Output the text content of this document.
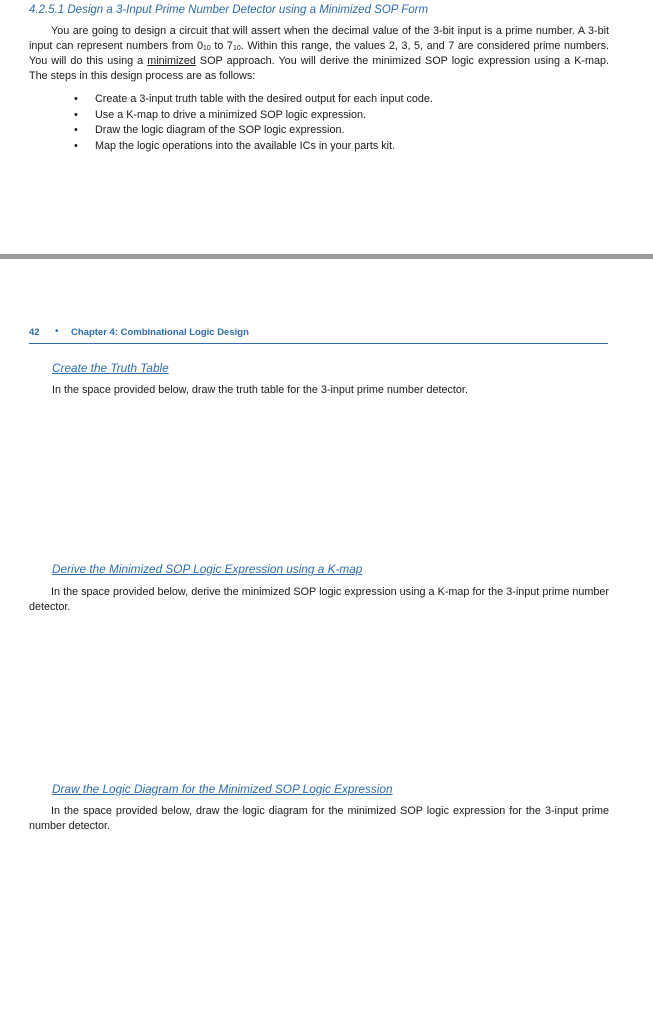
4.2.5.1 Design a 3-Input Prime Number Detector using a Minimized SOP Form
You are going to design a circuit that will assert when the decimal value of the 3-bit input is a prime number. A 3-bit input can represent numbers from $0_{10}$ to $7_{10}$. Within this range, the values 2, 3, 5, and 7 are considered prime numbers. You will do this using a minimized SOP approach. You will derive the minimized SOP logic expression using a K-map. The steps in this design process are as follows:
• Create a 3-input truth table with the desired output for each input code.
• Use a K-map to drive a minimized SOP logic expression.
• Draw the logic diagram of the SOP logic expression.
• Map the logic operations into the available ICs in your parts kit.
42 • Chapter 4: Combinational Logic Design
Create the Truth Table
In the space provided below, draw the truth table for the 3-input prime number detector.
Derive the Minimized SOP Logic Expression using a K-map
In the space provided below, derive the minimized SOP logic expression using a K-map for the 3-input prime number detector.
Draw the Logic Diagram for the Minimized SOP Logic Expression
In the space provided below, draw the logic diagram for the minimized SOP logic expression for the 3-input prime number detector.
